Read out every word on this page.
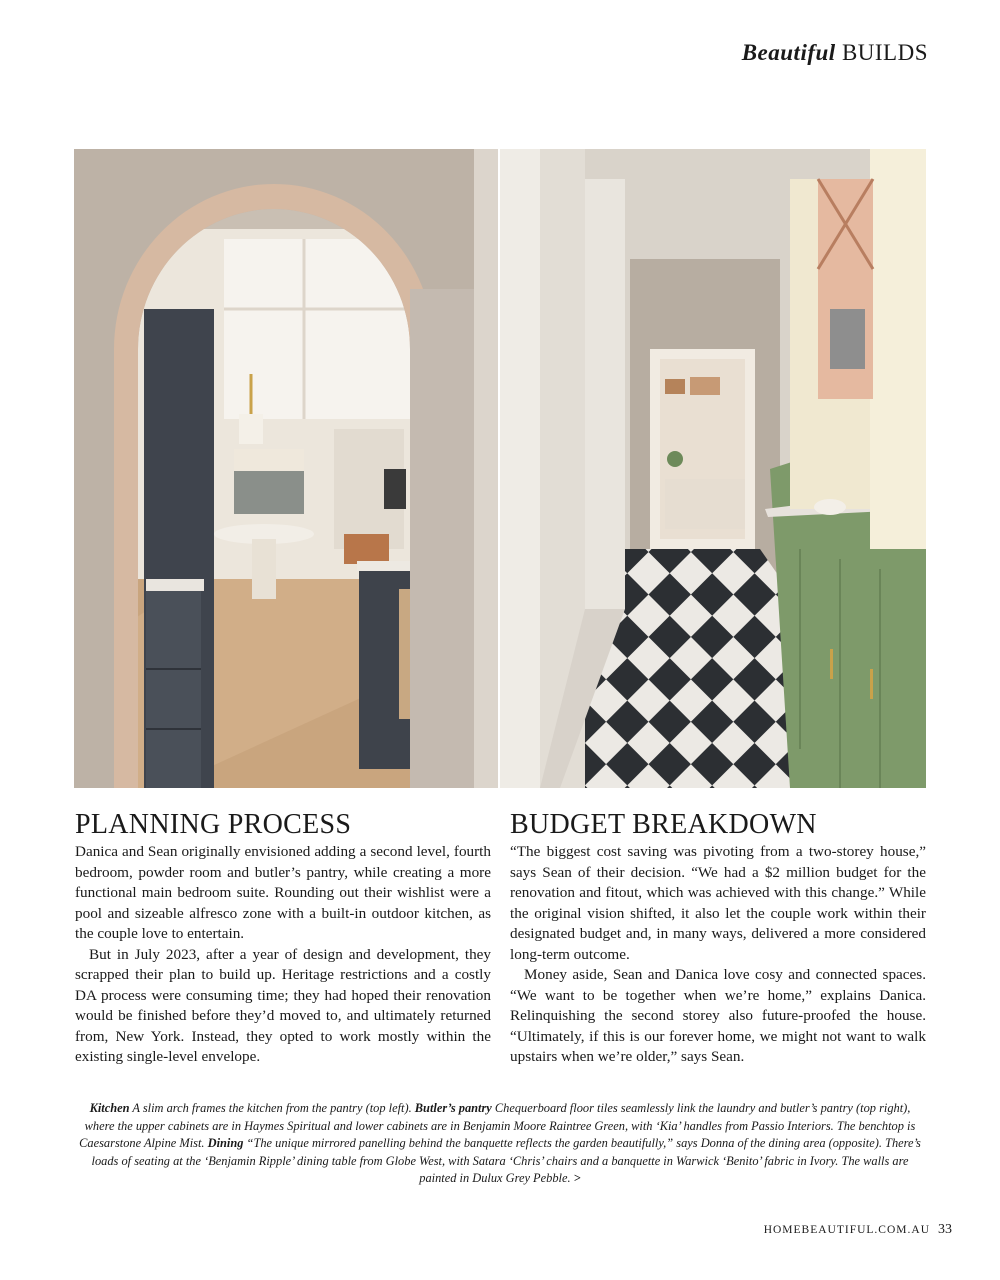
Beautiful BUILDS
PLANNING PROCESS

Danica and Sean originally envisioned adding a second level, fourth bedroom, powder room and butler’s pantry, while creating a more functional main bedroom suite. Rounding out their wishlist were a pool and sizeable alfresco zone with a built-in outdoor kitchen, as the couple love to entertain.

But in July 2023, after a year of design and development, they scrapped their plan to build up. Heritage restrictions and a costly DA process were consuming time; they had hoped their renovation would be finished before they’d moved to, and ultimately returned from, New York. Instead, they opted to work mostly within the existing single-level envelope.

BUDGET BREAKDOWN

“The biggest cost saving was pivoting from a two-storey house,” says Sean of their decision. “We had a $2 million budget for the renovation and fitout, which was achieved with this change.” While the original vision shifted, it also let the couple work within their designated budget and, in many ways, delivered a more considered long-term outcome.

Money aside, Sean and Danica love cosy and connected spaces. “We want to be together when we’re home,” explains Danica. Relinquishing the second storey also future-proofed the house. “Ultimately, if this is our forever home, we might not want to walk upstairs when we’re older,” says Sean.

Kitchen A slim arch frames the kitchen from the pantry (top left). Butler’s pantry Chequerboard floor tiles seamlessly link the laundry and butler’s pantry (top right), where the upper cabinets are in Haymes Spiritual and lower cabinets are in Benjamin Moore Raintree Green, with ‘Kia’ handles from Passio Interiors. The benchtop is Caesarstone Alpine Mist. Dining “The unique mirrored panelling behind the banquette reflects the garden beautifully,” says Donna of the dining area (opposite). There’s loads of seating at the ‘Benjamin Ripple’ dining table from Globe West, with Satara ‘Chris’ chairs and a banquette in Warwick ‘Benito’ fabric in Ivory. The walls are painted in Dulux Grey Pebble. >
HOMEBEAUTIFUL.COM.AU 33
